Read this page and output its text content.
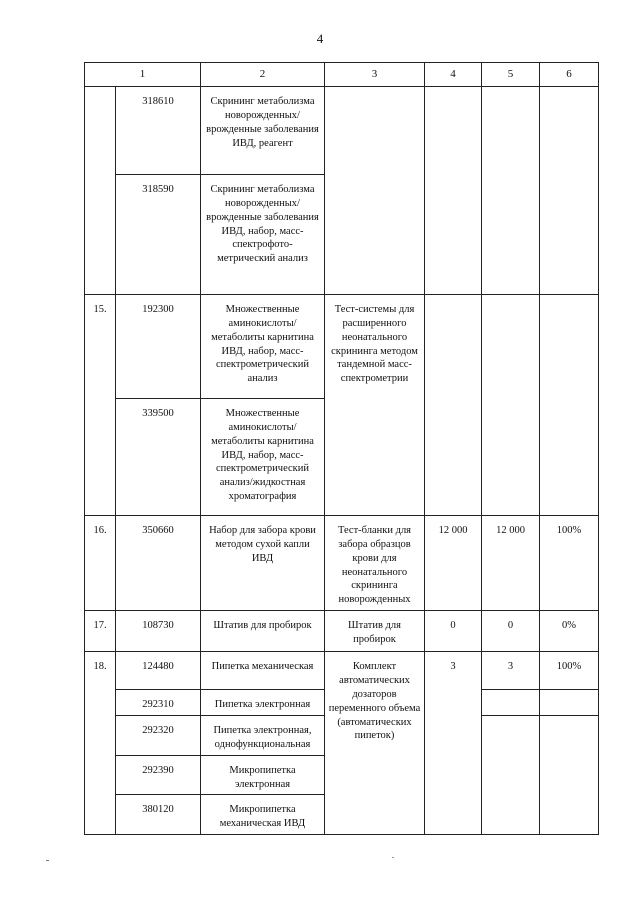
4
1		2	3	4	5	6
	318610	Скрининг метаболизма новорожденных/ врожденные заболевания ИВД, реагент				
	318590	Скрининг метаболизма новорожденных/ врожденные заболевания ИВД, набор, масс-спектрофото-метрический анализ				
15.	192300	Множественные аминокислоты/ метаболиты карнитина ИВД, набор, масс-спектрометрический анализ	Тест-системы для расширенного неонатального скрининга методом тандемной масс-спектрометрии			
	339500	Множественные аминокислоты/ метаболиты карнитина ИВД, набор, масс-спектрометрический анализ/жидкостная хроматография				
16.	350660	Набор для забора крови методом сухой капли ИВД	Тест-бланки для забора образцов крови для неонатального скрининга новорожденных	12 000	12 000	100%
17.	108730	Штатив для пробирок	Штатив для пробирок	0	0	0%
18.	124480	Пипетка механическая	Комплект автоматических дозаторов переменного объема (автоматических пипеток)	3	3	100%
	292310	Пипетка электронная				
	292320	Пипетка электронная, однофункциональная				
	292390	Микропипетка электронная				
	380120	Микропипетка механическая ИВД				
